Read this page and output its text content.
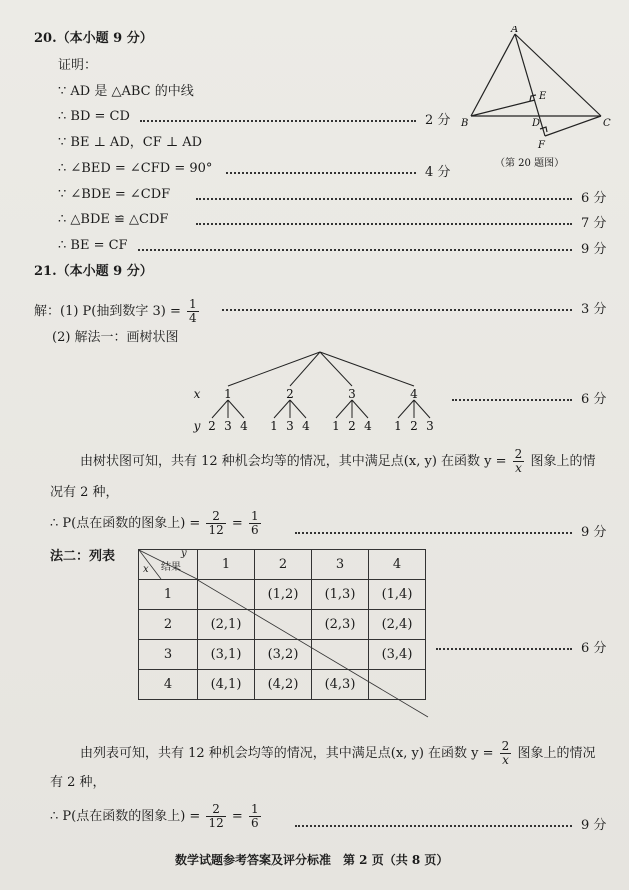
20.（本小题 9 分）
证明：
∵ AD 是 △ABC 的中线
∴ BD = CD	2 分
∵ BE ⊥ AD，CF ⊥ AD
∴ ∠BED = ∠CFD = 90°	4 分
∵ ∠BDE = ∠CDF	6 分
∴ △BDE ≌ △CDF	7 分
∴ BE = CF	9 分
A
B	C
D
E
F
（第 20 题图）
21.（本小题 9 分）
解：(1) P(抽到数字 $3) = \frac{1}{4}$	3 分
(2) 解法一：画树状图
x 1	2	3	4
y 2 3 4 1 3 4 1 2 4 1 2 3
6 分
由树状图可知，共有 12 种机会均等的情况，其中满足点(x, y) 在函数 $y = \frac{2}{x}$ 图象上的情
况有 2 种，
∴ P(点在函数的图象上) = $\frac{2}{12} = \frac{1}{6}$	9 分
法二：列表	y
结果
x	1	2	3	4
1		(1,2)	(1,3)	(1,4)
2	(2,1)		(2,3)	(2,4)
3	(3,1)	(3,2)		(3,4)
4	(4,1)	(4,2)	(4,3)	
6 分
由列表可知，共有 12 种机会均等的情况，其中满足点(x, y) 在函数 $y = \frac{2}{x}$ 图象上的情况
有 2 种，
∴ P(点在函数的图象上) = $\frac{2}{12} = \frac{1}{6}$	9 分
数学试题参考答案及评分标准　第 2 页（共 8 页）
